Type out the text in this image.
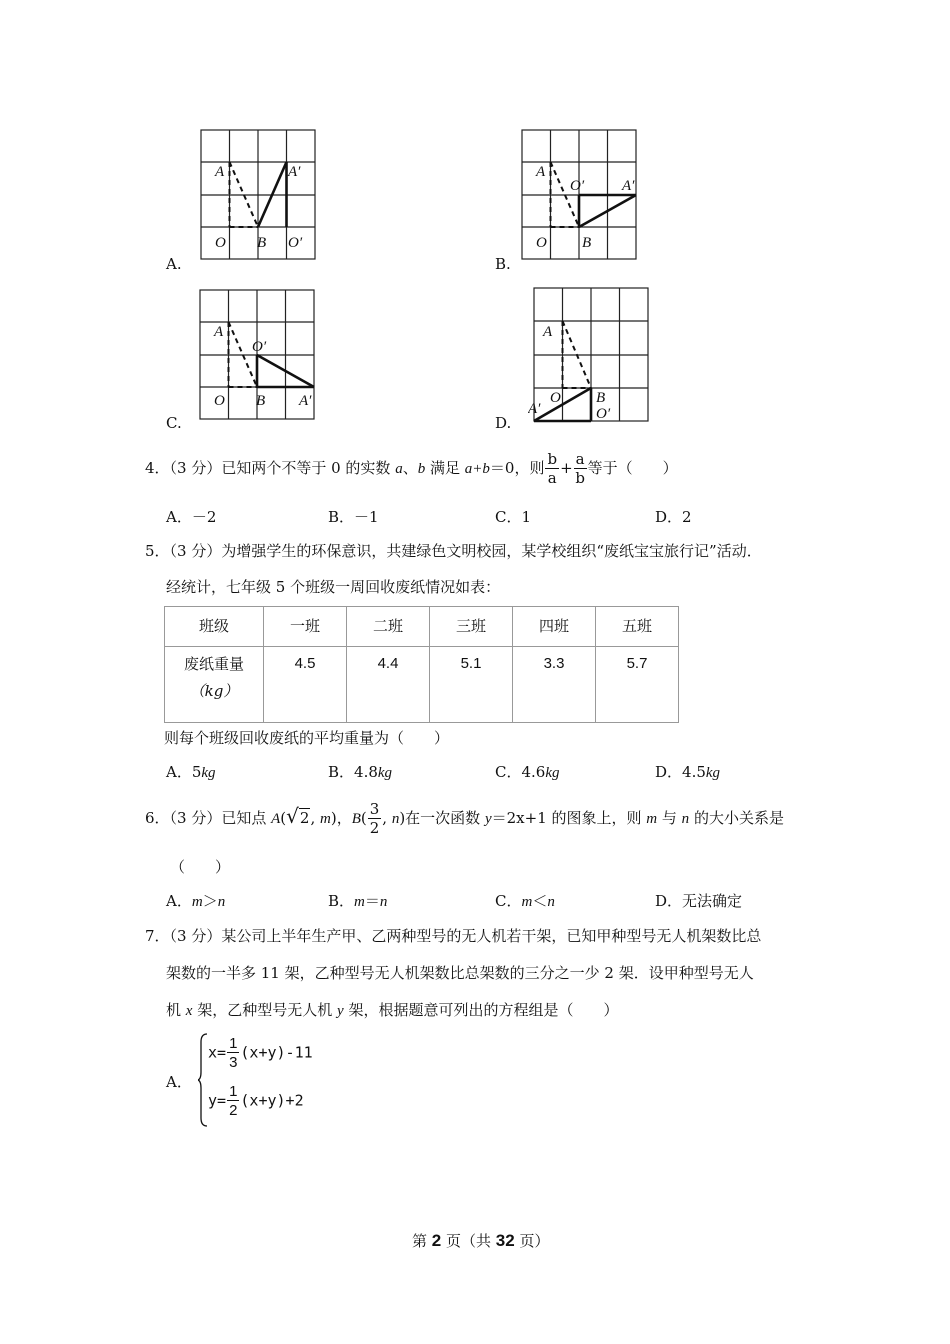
A.
A	A′
O B O′
B.
A
A′
O′
O B
C.
A
O′
O B A′
D.
A
O B
O′
A′
4．（3 分）已知两个不等于 0 的实数 a、b 满足 a+b＝0，则 $\frac{b}{a} + \frac{a}{b}$ 等于（　　）
A．－2	B．－1	C．1	D．2
5．（3 分）为增强学生的环保意识，共建绿色文明校园，某学校组织“废纸宝宝旅行记”活动．
经统计，七年级 5 个班级一周回收废纸情况如表：
班级	一班	二班	三班	四班	五班

废纸重量
（kg）	4.5	4.4	5.1	3.3	5.7
则每个班级回收废纸的平均重量为（　　）
A．5kg	B．4.8kg	C．4.6kg	D．4.5kg
6．（3 分）已知点 A(√2, m)，$B( \frac{3}{2}$ , n)在一次函数 y＝2x+1 的图象上，则 m 与 n 的大小关系是
（　　）
A．m＞n	B．m＝n	C．m＜n	D．无法确定
7．（3 分）某公司上半年生产甲、乙两种型号的无人机若干架，已知甲种型号无人机架数比总
架数的一半多 11 架，乙种型号无人机架数比总架数的三分之一少 2 架．设甲种型号无人
机 x 架，乙种型号无人机 y 架，根据题意可列出的方程组是（　　）
A．
$x= \frac{1}{3} (x+y)-11$
$y= \frac{1}{2} (x+y)+2$
第 2 页（共 32 页）
